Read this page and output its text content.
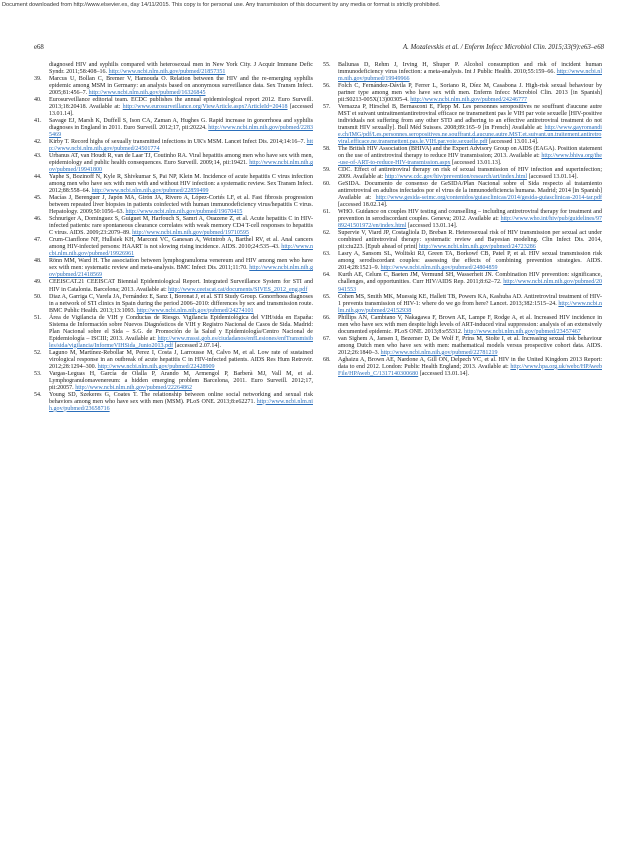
Document downloaded from http://www.elsevier.es, day 14/11/2015. This copy is for personal use. Any transmission of this document by any media or format is strictly prohibited.
e68	A. Mozalevskis et al. / Enferm Infecc Microbiol Clin. 2015;33(9):e63–e68

diagnosed HIV and syphilis compared with heterosexual men in New York City. J Acquir Immune Defic Syndr. 2011;58:408–16. http://www.ncbi.nlm.nih.gov/pubmed/21857351

39. Marcus U, Bollan C, Bremer V, Hamouda O. Relation between the HIV and the re-emerging syphilis epidemic among MSM in Germany: an analysis based on anonymous surveillance data. Sex Transm Infect. 2005;81:456–7. http://www.ncbi.nlm.nih.gov/pubmed/16326845

40. Eurosurveillance editorial team. ECDC publishes the annual epidemiological report 2012. Euro Surveill. 2013;18:20418. Available at: http://www.eurosurveillance.org/ViewArticle.aspx?ArticleId=20418 [accessed 13.01.14].

41. Savage EJ, Marsh K, Duffell S, Ison CA, Zaman A, Hughes G. Rapid increase in gonorrhoea and syphilis diagnoses in England in 2011. Euro Surveill. 2012;17, pii:20224. http://www.ncbi.nlm.nih.gov/pubmed/22835469

42. Kirby T. Record highs of sexually transmitted infections in UK's MSM. Lancet Infect Dis. 2014;14:16–7. http://www.ncbi.nlm.nih.gov/pubmed/24501774

43. Urbanus AT, van Houdt R, van de Laar TJ, Coutinho RA. Viral hepatitis among men who have sex with men, epidemiology and public health consequences. Euro Surveill. 2009;14, pii:19421. http://www.ncbi.nlm.nih.gov/pubmed/19941800

44. Yaphe S, Bozinoff N, Kyle R, Shivkumar S, Pai NP, Klein M. Incidence of acute hepatitis C virus infection among men who have sex with men with and without HIV infection: a systematic review. Sex Transm Infect. 2012;88:558–64. http://www.ncbi.nlm.nih.gov/pubmed/22859499

45. Macías J, Berenguer J, Japón MA, Girón JA, Rivero A, López-Cortés LF, et al. Fast fibrosis progression between repeated liver biopsies in patients coinfected with human immunodeficiency virus/hepatitis C virus. Hepatology. 2009;50:1056–63. http://www.ncbi.nlm.nih.gov/pubmed/19670415

46. Schnuriger A, Dominguez S, Guiguet M, Harfouch S, Samri A, Ouazene Z, et al. Acute hepatitis C in HIV-infected patients: rare spontaneous clearance correlates with weak memory CD4 T-cell responses to hepatitis C virus. AIDS. 2009;23:2079–89. http://www.ncbi.nlm.nih.gov/pubmed/19710595

47. Crum-Cianflone NF, Hullsiek KH, Marconi VC, Ganesan A, Weintrob A, Barthel RV, et al. Anal cancers among HIV-infected persons: HAART is not slowing rising incidence. AIDS. 2010;24:535–43. http://www.ncbi.nlm.nih.gov/pubmed/19926961

48. Rönn MM, Ward H. The association between lymphogranuloma venereum and HIV among men who have sex with men: systematic review and meta-analysis. BMC Infect Dis. 2011;11:70. http://www.ncbi.nlm.nih.gov/pubmed/21418569

49. CEEISCAT.21 CEEISCAT Biennial Epidemiological Report. Integrated Surveillance System for STI and HIV in Catalonia. Barcelona; 2013. Available at: http://www.ceeiscat.cat/documents/SIVES_2012_eng.pdf

50. Diaz A, Garriga C, Varela JA, Fernández E, Sanz I, Boronat J, et al. STI Study Group. Gonorrhoea diagnoses in a network of STI clinics in Spain during the period 2006–2010: differences by sex and transmission route. BMC Public Health. 2013;13:1093. http://www.ncbi.nlm.nih.gov/pubmed/24274101

51. Área de Vigilancia de VIH y Conductas de Riesgo. Vigilancia Epidemiológica del VIH/sida en España: Sistema de Información sobre Nuevos Diagnósticos de VIH y Registro Nacional de Casos de Sida. Madrid: Plan Nacional sobre el Sida – S.G. de Promoción de la Salud y Epidemiología/Centro Nacional de Epidemiología – ISCIII; 2013. Available at: http://www.msssi.gob.es/ciudadanos/enfLesiones/enfTransmisibles/sida/vigilancia/InformeVIHSida_Junio2013.pdf [accessed 2.07.14].

52. Laguno M, Martínez-Rebollar M, Perez I, Costa J, Larrousse M, Calvo M, et al. Low rate of sustained virological response in an outbreak of acute hepatitis C in HIV-infected patients. AIDS Res Hum Retrovir. 2012;28:1294–300. http://www.ncbi.nlm.nih.gov/pubmed/22428909

53. Vargas-Leguas H, García de Olalla P, Arando M, Armengol P, Barberà MJ, Vall M, et al. Lymphogranulomavenereum: a hidden emerging problem Barcelona, 2011. Euro Surveill. 2012;17, pii:20057. http://www.ncbi.nlm.nih.gov/pubmed/22264862

54. Young SD, Szekeres G, Coates T. The relationship between online social networking and sexual risk behaviors among men who have sex with men (MSM). PLoS ONE. 2013;8:e62271. http://www.ncbi.nlm.nih.gov/pubmed/23658716

55. Baliunas D, Rehm J, Irving H, Shuper P. Alcohol consumption and risk of incident human immunodeficiency virus infection: a meta-analysis. Int J Public Health. 2010;55:159–66. http://www.ncbi.nlm.nih.gov/pubmed/19949966

56. Folch C, Fernández-Dávila P, Ferrer L, Soriano R, Díez M, Casabona J. High-risk sexual behaviour by partner type among men who have sex with men. Enferm Infecc Microbiol Clin. 2013 [in Spanish] pii:S0213-005X(13)00305-4. http://www.ncbi.nlm.nih.gov/pubmed/24246777

57. Vernazza P, Hirschel B, Bernasconi E, Flepp M. Les personnes seropositives ne souffrant d'aucune autre MST et suivant untraitmentantiretroviral efficace ne transmettent pas le VIH par voie sexuelle [HIV-positive individuals not suffering from any other STD and adhering to an effective antiretroviral treatment do not transmit HIV sexually]. Bull Méd Suisses. 2008;89:165–9 [in French] Available at: http://www.gayromandie.ch/IMG/pdf/Les.personnes.seropositives.ne.souffrant.d.aucune.autre.MST.et.suivant.un.traitement.antiretroviral.efficace.ne.transmettent.pas.le.VIH.par.voie.sexuelle.pdf [accessed 13.01.14].

58. The British HIV Association (BHIVA) and the Expert Advisory Group on AIDS (EAGA). Position statement on the use of antiretroviral therapy to reduce HIV transmission; 2013. Available at: http://www.bhiva.org/the-use-of-ART-to-reduce-HIV-transmission.aspx [accessed 13.01.13].

59. CDC. Effect of antiretroviral therapy on risk of sexual transmission of HIV infection and superinfection; 2009. Available at: http://www.cdc.gov/hiv/prevention/research/art/index.html [accessed 13.01.14].

60. GeSIDA. Documento de consenso de GeSIDA/Plan Nacional sobre el Sida respecto al tratamiento antirretroviral en adultos infectados por el virus de la inmunodeficiencia humana. Madrid; 2014 [in Spanish] Available at: http://www.gesida-seimc.org/contenidos/guiasclinicas/2014/gesida-guiasclinicas-2014-tar.pdf [accessed 18.02.14].

61. WHO. Guidance on couples HIV testing and counselling – including antiretroviral therapy for treatment and prevention in serodiscordant couples. Geneva; 2012. Available at: http://www.who.int/hiv/pub/guidelines/9789241501972/en/index.html [accessed 13.01.14].

62. Supervie V, Viard JP, Costagliola D, Breban R. Heterosexual risk of HIV transmission per sexual act under combined antiretroviral therapy: systematic review and Bayesian modeling. Clin Infect Dis. 2014, pii:ciu223. [Epub ahead of print] http://www.ncbi.nlm.nih.gov/pubmed/24723286

63. Lasry A, Sansom SL, Wolitski RJ, Green TA, Borkowf CB, Patel P, et al. HIV sexual transmission risk among serodiscordant couples: assessing the effects of combining prevention strategies. AIDS. 2014;28:1521–9. http://www.ncbi.nlm.nih.gov/pubmed/24804859

64. Kurth AE, Celum C, Baeten JM, Vermund SH, Wasserheit JN. Combination HIV prevention: significance, challenges, and opportunities. Curr HIV/AIDS Rep. 2011;8:62–72. http://www.ncbi.nlm.nih.gov/pubmed/20941553

65. Cohen MS, Smith MK, Muessig KE, Hallett TB, Powers KA, Kashuba AD. Antiretroviral treatment of HIV-1 prevents transmission of HIV-1: where do we go from here? Lancet. 2013;382:1515–24. http://www.ncbi.nlm.nih.gov/pubmed/24152938

66. Phillips AN, Cambiano V, Nakagawa F, Brown AE, Lampe F, Rodge A, et al. Increased HIV incidence in men who have sex with men despite high levels of ART-induced viral suppression: analysis of an extensively documented epidemic. PLoS ONE. 2013;8:e55312. http://www.ncbi.nlm.nih.gov/pubmed/23457467

67. van Sighem A, Jansen I, Bezemer D, De Wolf F, Prins M, Stolte I, et al. Increasing sexual risk behaviour among Dutch men who have sex with men: mathematical models versus prospective cohort data. AIDS. 2012;26:1840–3. http://www.ncbi.nlm.nih.gov/pubmed/22781219

68. Aghaizu A, Brown AE, Nardone A, Gill ON, Delpech VC, et al. HIV in the United Kingdom 2013 Report: data to end 2012. London: Public Health England; 2013. Available at: http://www.hpa.org.uk/webc/HPAwebFile/HPAweb_C/1317140300680 [accessed 13.01.14].
